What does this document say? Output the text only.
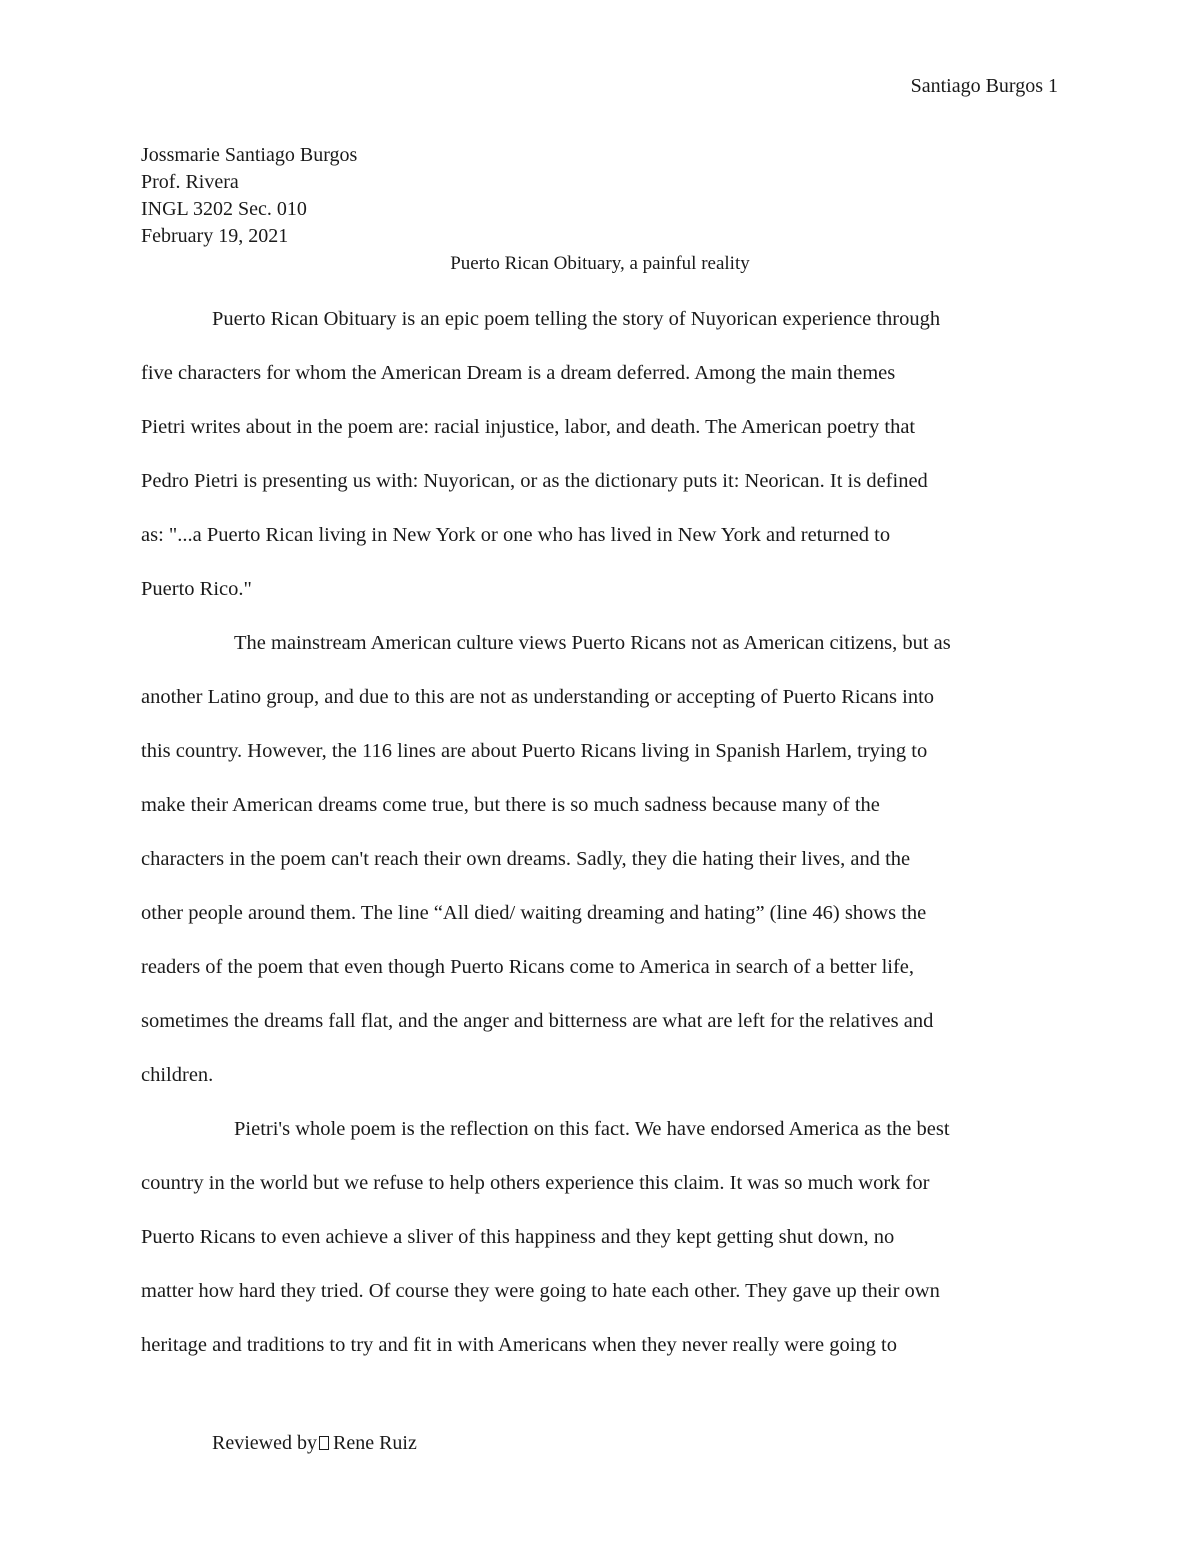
Santiago Burgos 1
Jossmarie Santiago Burgos
Prof. Rivera
INGL 3202 Sec. 010
February 19, 2021
Puerto Rican Obituary, a painful reality
Puerto Rican Obituary is an epic poem telling the story of Nuyorican experience through
five characters for whom the American Dream is a dream deferred. Among the main themes
Pietri writes about in the poem are: racial injustice, labor, and death. The American poetry that
Pedro Pietri is presenting us with: Nuyorican, or as the dictionary puts it: Neorican. It is defined
as: "...a Puerto Rican living in New York or one who has lived in New York and returned to
Puerto Rico."
The mainstream American culture views Puerto Ricans not as American citizens, but as
another Latino group, and due to this are not as understanding or accepting of Puerto Ricans into
this country. However, the 116 lines are about Puerto Ricans living in Spanish Harlem, trying to
make their American dreams come true, but there is so much sadness because many of the
characters in the poem can't reach their own dreams. Sadly, they die hating their lives, and the
other people around them. The line “All died/ waiting dreaming and hating” (line 46) shows the
readers of the poem that even though Puerto Ricans come to America in search of a better life,
sometimes the dreams fall flat, and the anger and bitterness are what are left for the relatives and
children.
Pietri's whole poem is the reflection on this fact. We have endorsed America as the best
country in the world but we refuse to help others experience this claim. It was so much work for
Puerto Ricans to even achieve a sliver of this happiness and they kept getting shut down, no
matter how hard they tried. Of course they were going to hate each other. They gave up their own
heritage and traditions to try and fit in with Americans when they never really were going to
Reviewed by Rene Ruiz
